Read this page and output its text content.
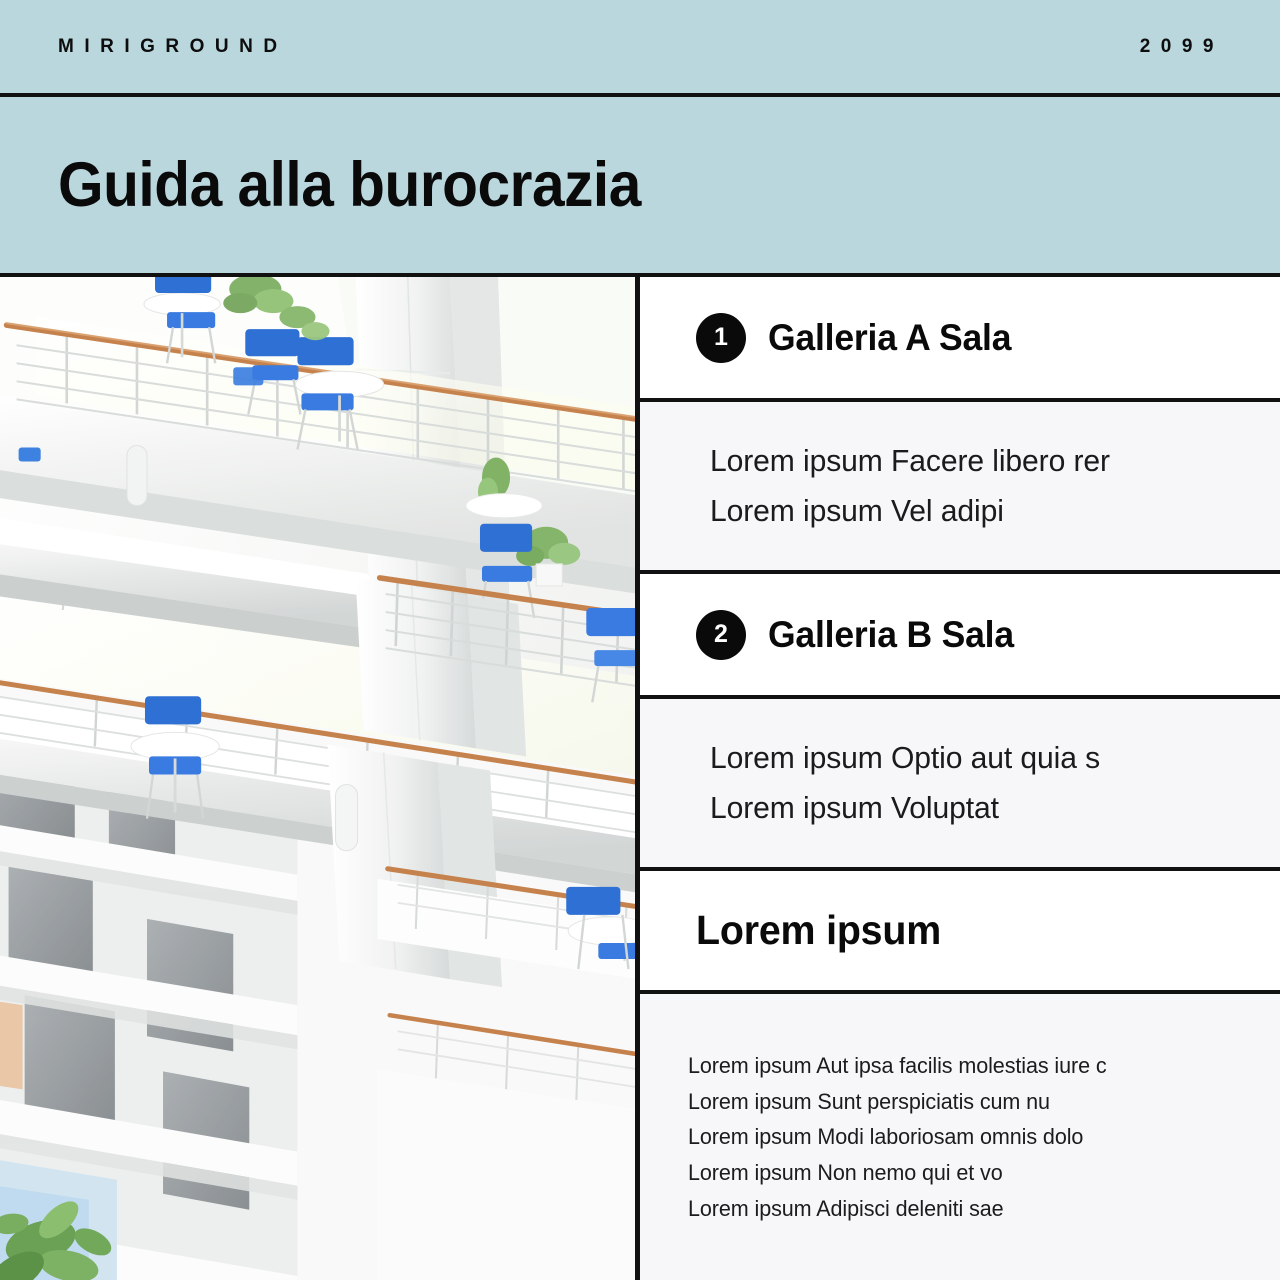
MIRIGROUND	2099
Guida alla burocrazia
1	Galleria A Sala

Lorem ipsum Facere libero rer

Lorem ipsum Vel adipi

2	Galleria B Sala

Lorem ipsum Optio aut quia s

Lorem ipsum Voluptat

Lorem ipsum
Lorem ipsum Aut ipsa facilis molestias iure c
Lorem ipsum Sunt perspiciatis cum nu
Lorem ipsum Modi laboriosam omnis dolo
Lorem ipsum Non nemo qui et vo
Lorem ipsum Adipisci deleniti sae
